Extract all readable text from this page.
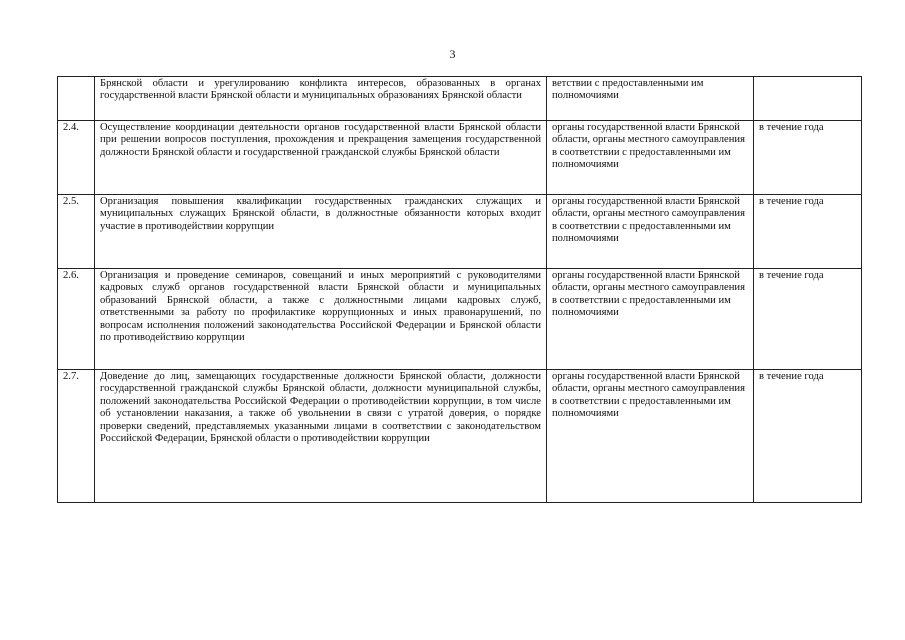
3
	Брянской области и урегулированию конфликта интересов, образованных в органах государственной власти Брянской области и муниципальных образованиях Брянской области	ветствии с предоставленными им полномочиями	
2.4.	Осуществление координации деятельности органов государственной власти Брянской области при решении вопросов поступления, прохождения и прекращения замещения государственной должности Брянской области и государственной гражданской службы Брянской области	органы государственной власти Брянской области, органы местного самоуправления в соответствии с предоставленными им полномочиями	в течение года
2.5.	Организация повышения квалификации государственных гражданских служащих и муниципальных служащих Брянской области, в должностные обязанности которых входит участие в противодействии коррупции	органы государственной власти Брянской области, органы местного самоуправления в соответствии с предоставленными им полномочиями	в течение года
2.6.	Организация и проведение семинаров, совещаний и иных мероприятий с руководителями кадровых служб органов государственной власти Брянской области и муниципальных образований Брянской области, а также с должностными лицами кадровых служб, ответственными за работу по профилактике коррупционных и иных правонарушений, по вопросам исполнения положений законодательства Российской Федерации и Брянской области по противодействию коррупции	органы государственной власти Брянской области, органы местного самоуправления в соответствии с предоставленными им полномочиями	в течение года
2.7.	Доведение до лиц, замещающих государственные должности Брянской области, должности государственной гражданской службы Брянской области, должности муниципальной службы, положений законодательства Российской Федерации о противодействии коррупции, в том числе об установлении наказания, а также об увольнении в связи с утратой доверия, о порядке проверки сведений, представляемых указанными лицами в соответствии с законодательством Российской Федерации, Брянской области о противодействии коррупции	органы государственной власти Брянской области, органы местного самоуправления в соответствии с предоставленными им полномочиями	в течение года
